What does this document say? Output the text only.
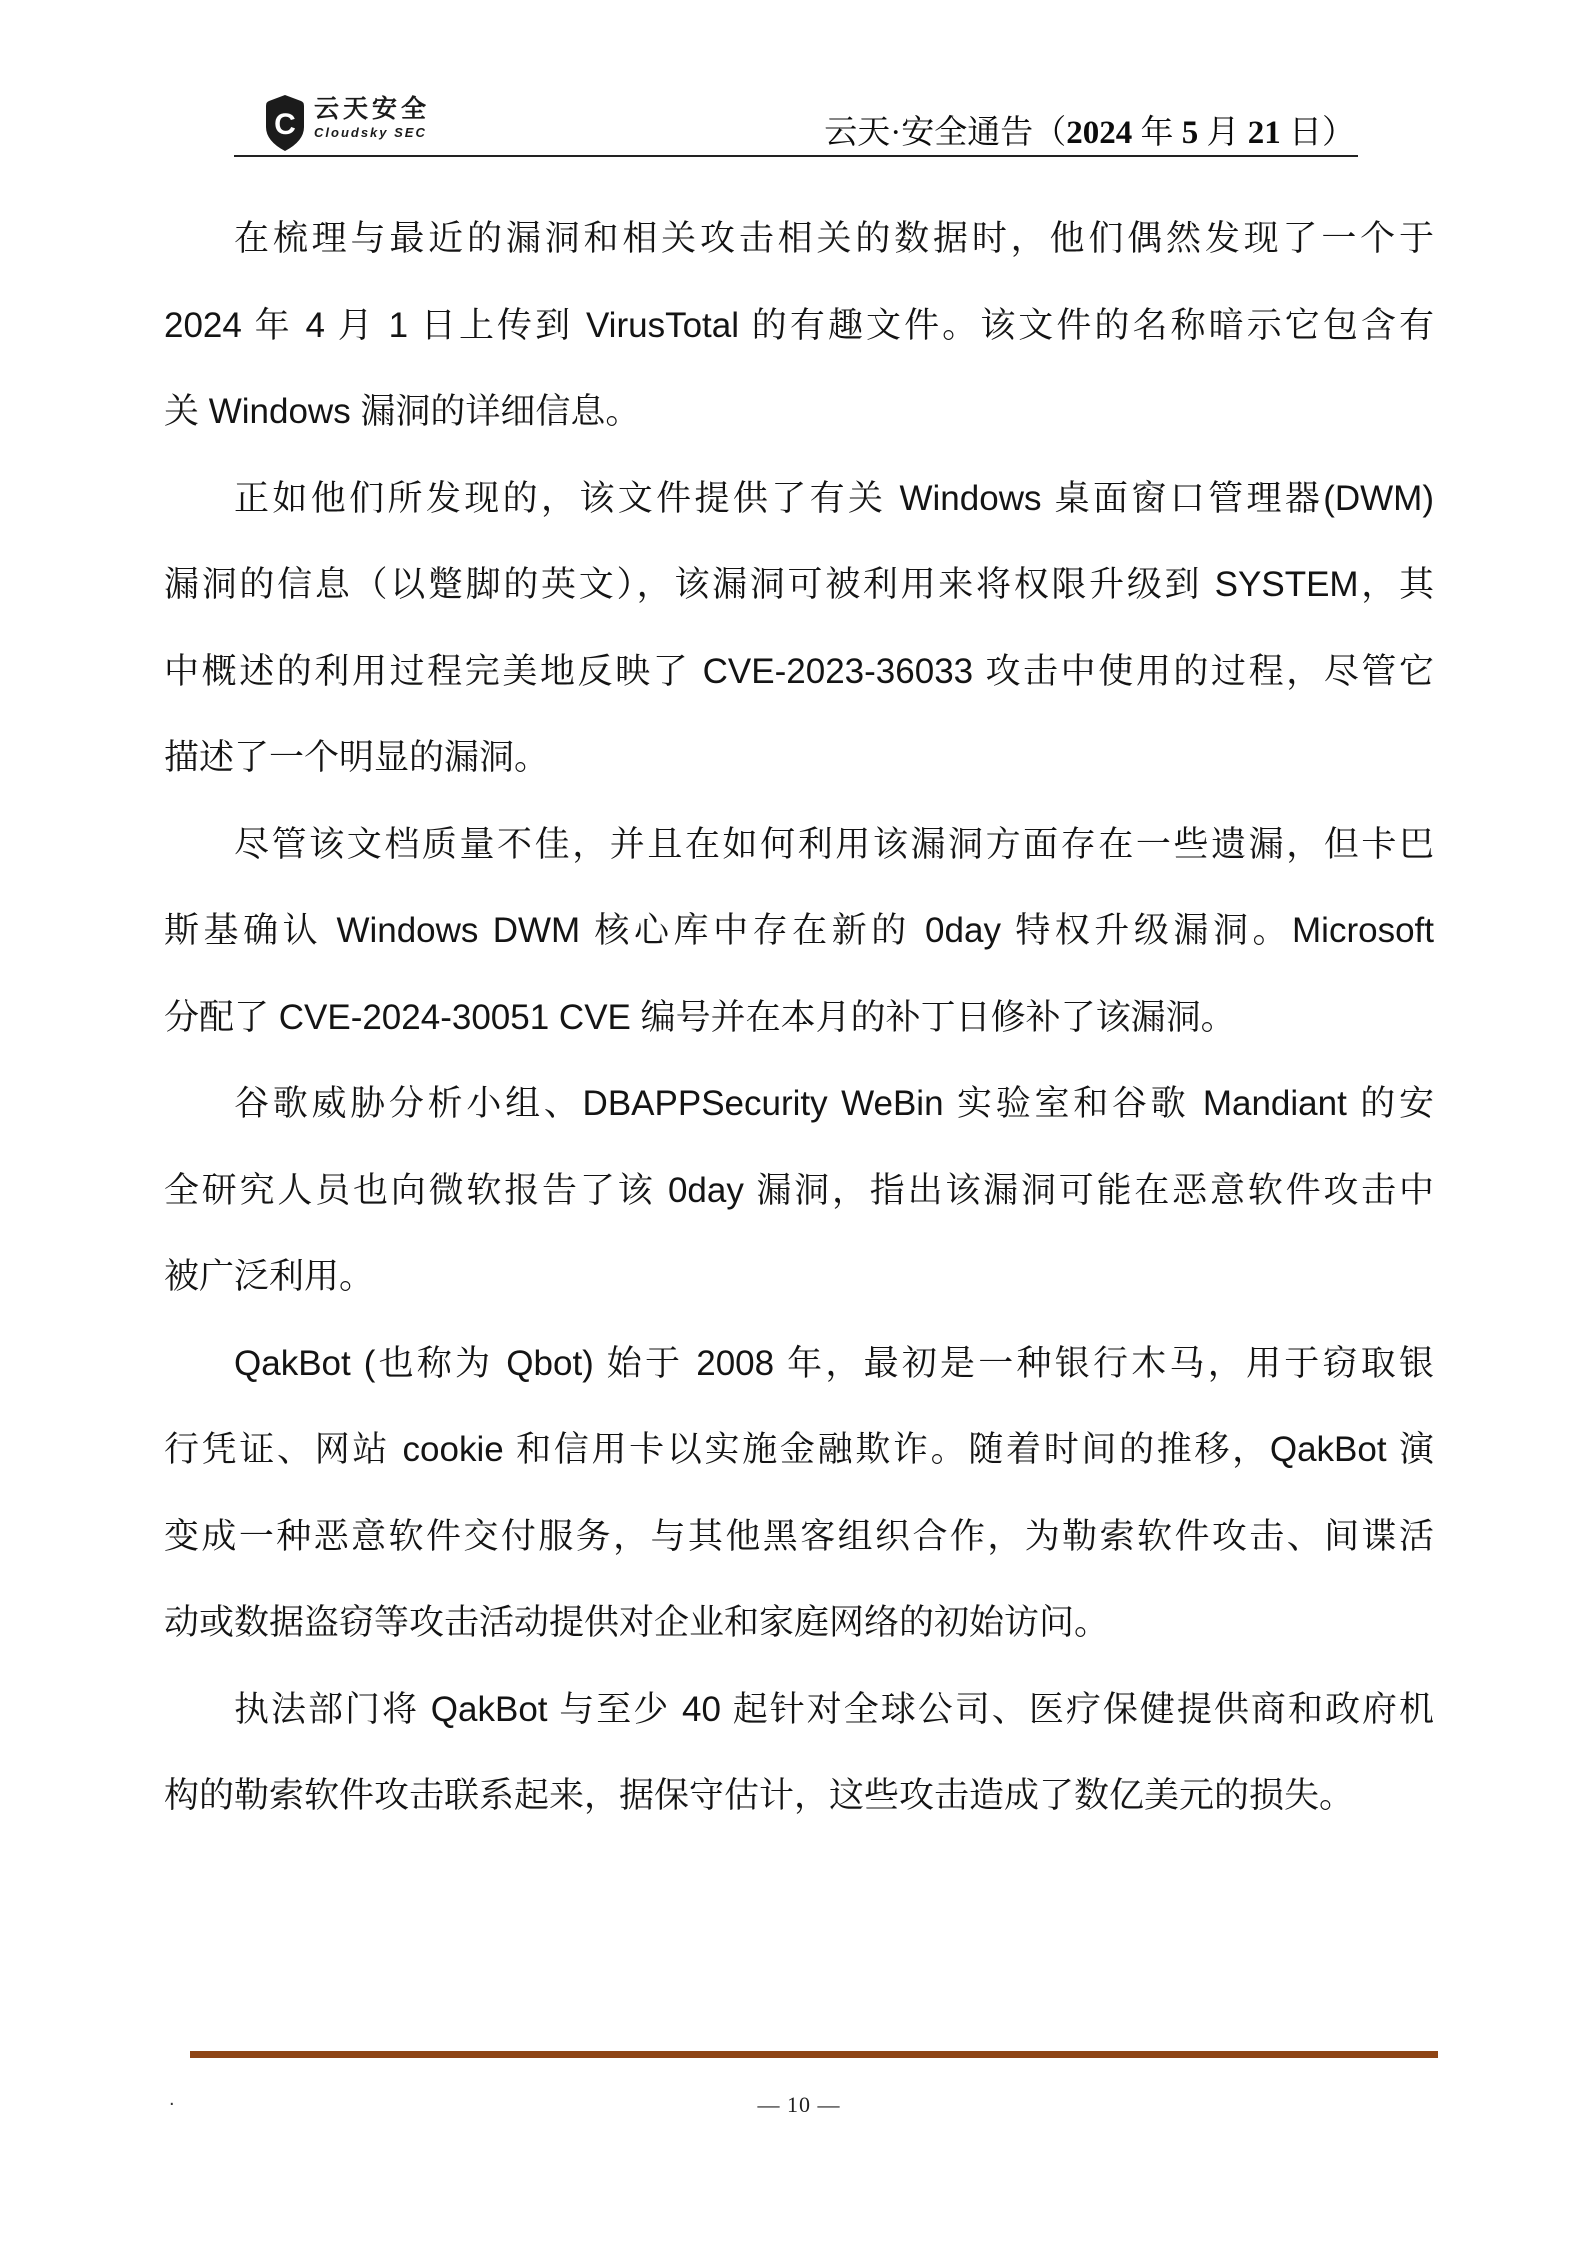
C 云天安全
Cloudsky SEC	云天·安全通告（2024 年 5 月 21 日）
在梳理与最近的漏洞和相关攻击相关的数据时，他们偶然发现了一个于
2024 年 4 月 1 日上传到 VirusTotal 的有趣文件。该文件的名称暗示它包含有
关 Windows 漏洞的详细信息。
正如他们所发现的，该文件提供了有关 Windows 桌面窗口管理器(DWM)
漏洞的信息（以蹩脚的英文），该漏洞可被利用来将权限升级到 SYSTEM，其
中概述的利用过程完美地反映了 CVE-2023-36033 攻击中使用的过程，尽管它
描述了一个明显的漏洞。
尽管该文档质量不佳，并且在如何利用该漏洞方面存在一些遗漏，但卡巴
斯基确认 Windows DWM 核心库中存在新的 0day 特权升级漏洞。Microsoft
分配了 CVE-2024-30051 CVE 编号并在本月的补丁日修补了该漏洞。
谷歌威胁分析小组、DBAPPSecurity WeBin 实验室和谷歌 Mandiant 的安
全研究人员也向微软报告了该 0day 漏洞，指出该漏洞可能在恶意软件攻击中
被广泛利用。
QakBot (也称为 Qbot) 始于 2008 年，最初是一种银行木马，用于窃取银
行凭证、网站 cookie 和信用卡以实施金融欺诈。随着时间的推移，QakBot 演
变成一种恶意软件交付服务，与其他黑客组织合作，为勒索软件攻击、间谍活
动或数据盗窃等攻击活动提供对企业和家庭网络的初始访问。
执法部门将 QakBot 与至少 40 起针对全球公司、医疗保健提供商和政府机
构的勒索软件攻击联系起来，据保守估计，这些攻击造成了数亿美元的损失。
.	— 10 —
